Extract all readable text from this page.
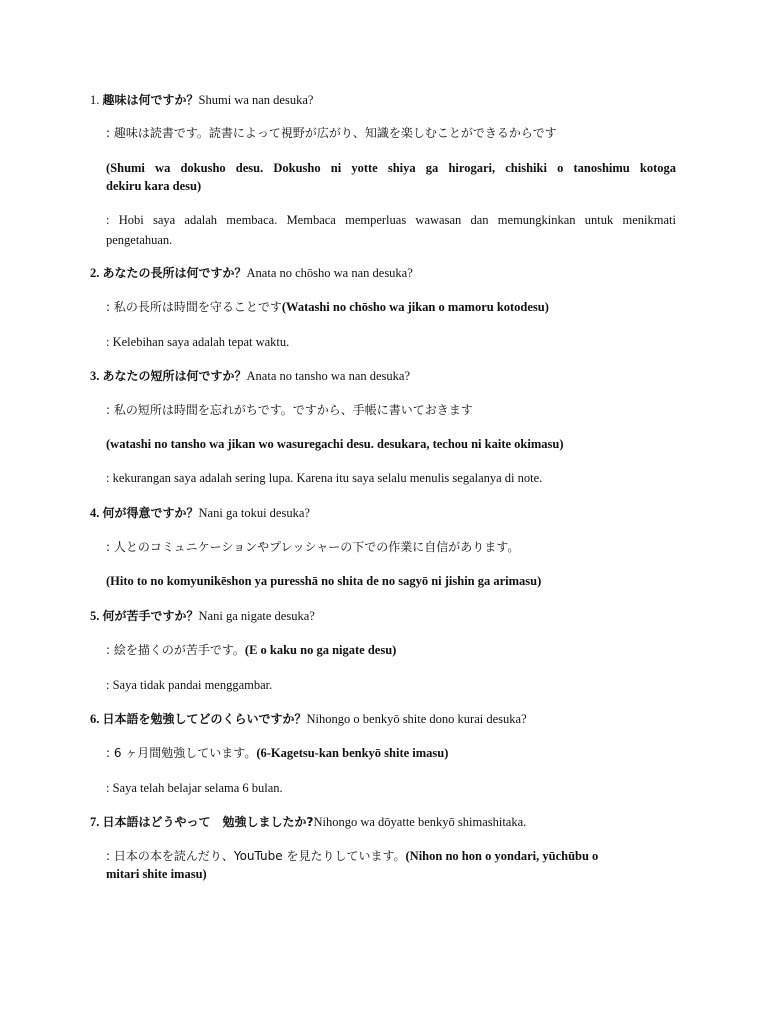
1. 趣味は何ですか？Shumi wa nan desuka?
: 趣味は読書です。読書によって視野が広がり、知識を楽しむことができるからです
(Shumi wa dokusho desu. Dokusho ni yotte shiya ga hirogari, chishiki o tanoshimu kotoga
dekiru kara desu)
: Hobi saya adalah membaca. Membaca memperluas wawasan dan memungkinkan untuk menikmati
pengetahuan.
2. あなたの長所は何ですか？Anata no chōsho wa nan desuka?
: 私の長所は時間を守ることです(Watashi no chōsho wa jikan o mamoru kotodesu)
: Kelebihan saya adalah tepat waktu.
3. あなたの短所は何ですか？Anata no tansho wa nan desuka?
: 私の短所は時間を忘れがちです。ですから、手帳に書いておきます
(watashi no tansho wa jikan wo wasuregachi desu. desukara, techou ni kaite okimasu)
: kekurangan saya adalah sering lupa. Karena itu saya selalu menulis segalanya di note.
4. 何が得意ですか？Nani ga tokui desuka?
: 人とのコミュニケーションやプレッシャーの下での作業に自信があります。
(Hito to no komyunikēshon ya puresshā no shita de no sagyō ni jishin ga arimasu)
5. 何が苦手ですか？Nani ga nigate desuka?
: 絵を描くのが苦手です。(E o kaku no ga nigate desu)
: Saya tidak pandai menggambar.
6. 日本語を勉強してどのくらいですか？Nihongo o benkyō shite dono kurai desuka?
: 6 ヶ月間勉強しています。(6-Kagetsu-kan benkyō shite imasu)
: Saya telah belajar selama 6 bulan.
7. 日本語はどうやって　勉強しましたか?Nihongo wa dōyatte benkyō shimashitaka.
: 日本の本を読んだり、YouTube を見たりしています。(Nihon no hon o yondari, yūchūbu o
mitari shite imasu)
